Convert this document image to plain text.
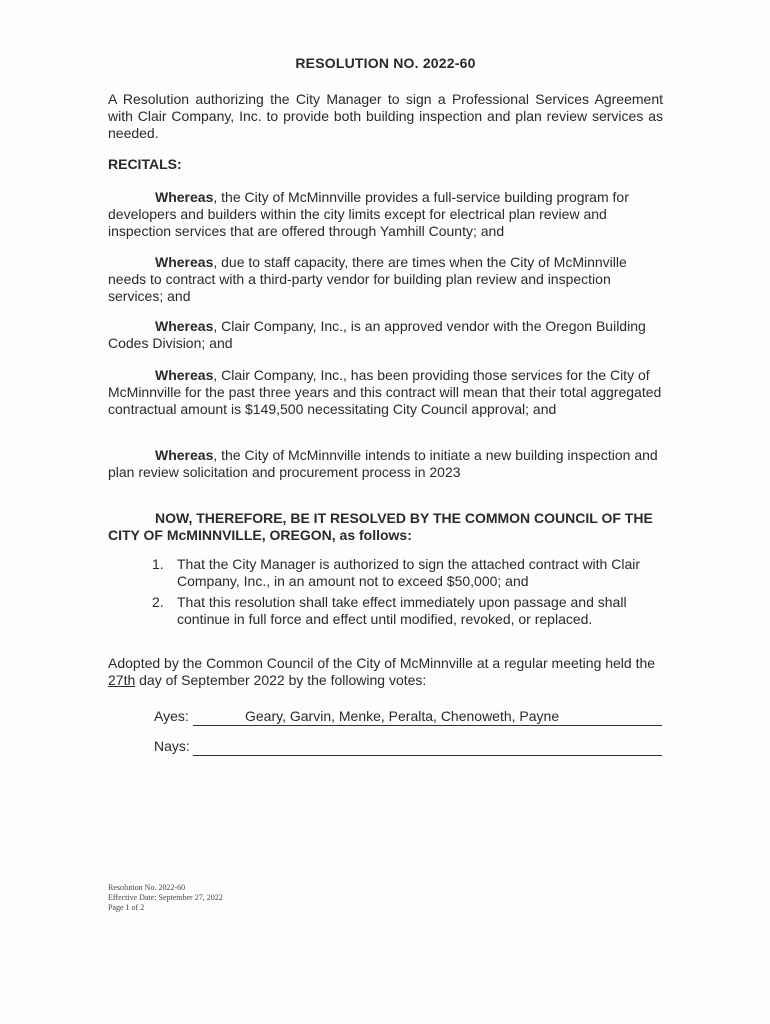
RESOLUTION NO. 2022-60
A Resolution authorizing the City Manager to sign a Professional Services Agreement with Clair Company, Inc. to provide both building inspection and plan review services as needed.
RECITALS:
Whereas, the City of McMinnville provides a full-service building program for developers and builders within the city limits except for electrical plan review and inspection services that are offered through Yamhill County; and
Whereas, due to staff capacity, there are times when the City of McMinnville needs to contract with a third-party vendor for building plan review and inspection services; and
Whereas, Clair Company, Inc., is an approved vendor with the Oregon Building Codes Division; and
Whereas, Clair Company, Inc., has been providing those services for the City of McMinnville for the past three years and this contract will mean that their total aggregated contractual amount is $149,500 necessitating City Council approval; and
Whereas, the City of McMinnville intends to initiate a new building inspection and plan review solicitation and procurement process in 2023
NOW, THEREFORE, BE IT RESOLVED BY THE COMMON COUNCIL OF THE CITY OF McMINNVILLE, OREGON, as follows:
1. That the City Manager is authorized to sign the attached contract with Clair Company, Inc., in an amount not to exceed $50,000; and
2. That this resolution shall take effect immediately upon passage and shall continue in full force and effect until modified, revoked, or replaced.
Adopted by the Common Council of the City of McMinnville at a regular meeting held the 27th day of September 2022 by the following votes:
Ayes:	Geary, Garvin, Menke, Peralta, Chenoweth, Payne
Nays:
Resolution No. 2022-60
Effective Date: September 27, 2022
Page 1 of 2
